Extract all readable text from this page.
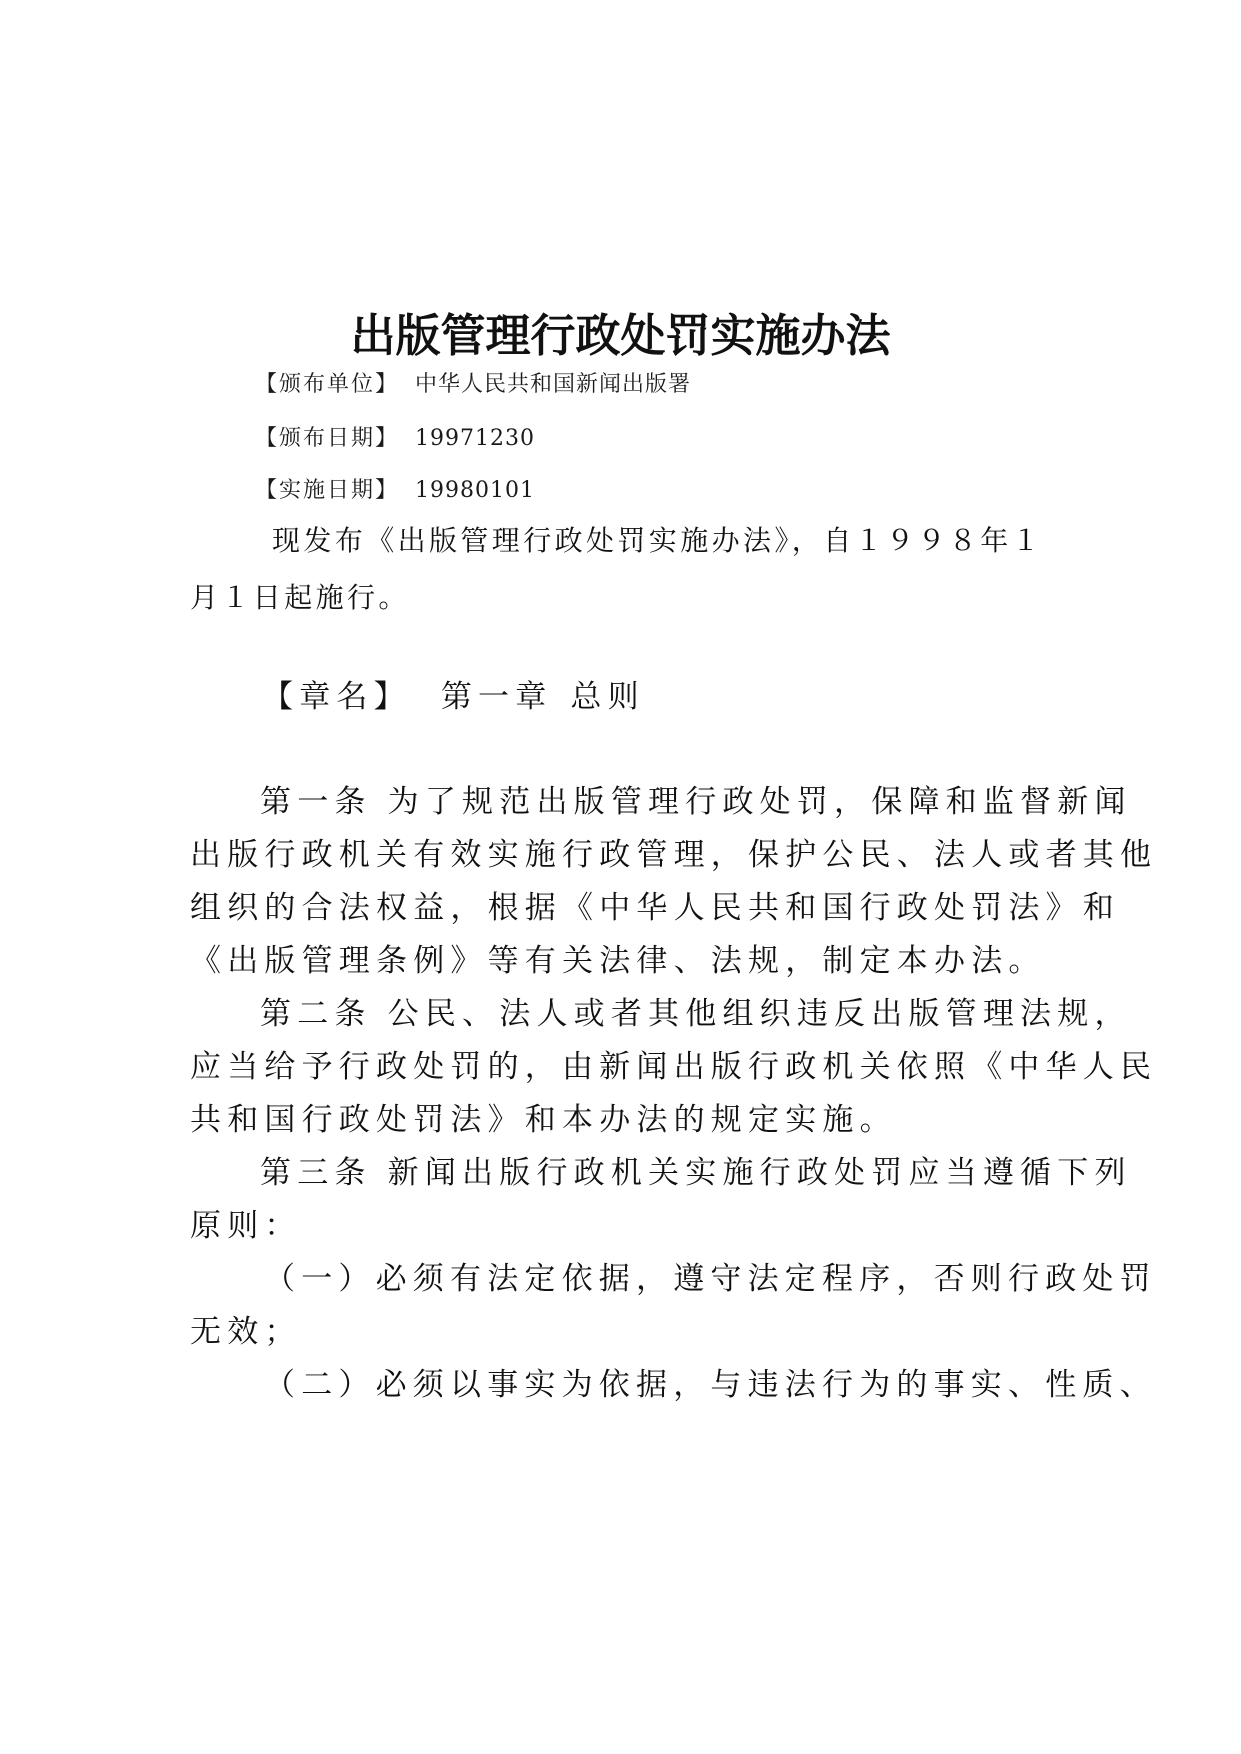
出版管理行政处罚实施办法
【颁布单位】 中华人民共和国新闻出版署
【颁布日期】 19971230
【实施日期】 19980101
现发布《出版管理行政处罚实施办法》，自１９９８年１
月１日起施行。
【章名】 第一章 总则
第一条 为了规范出版管理行政处罚，保障和监督新闻
出版行政机关有效实施行政管理，保护公民、法人或者其他
组织的合法权益，根据《中华人民共和国行政处罚法》和
《出版管理条例》等有关法律、法规，制定本办法。
第二条 公民、法人或者其他组织违反出版管理法规，
应当给予行政处罚的，由新闻出版行政机关依照《中华人民
共和国行政处罚法》和本办法的规定实施。
第三条 新闻出版行政机关实施行政处罚应当遵循下列
原则：
（一）必须有法定依据，遵守法定程序，否则行政处罚
无效；
（二）必须以事实为依据，与违法行为的事实、性质、
